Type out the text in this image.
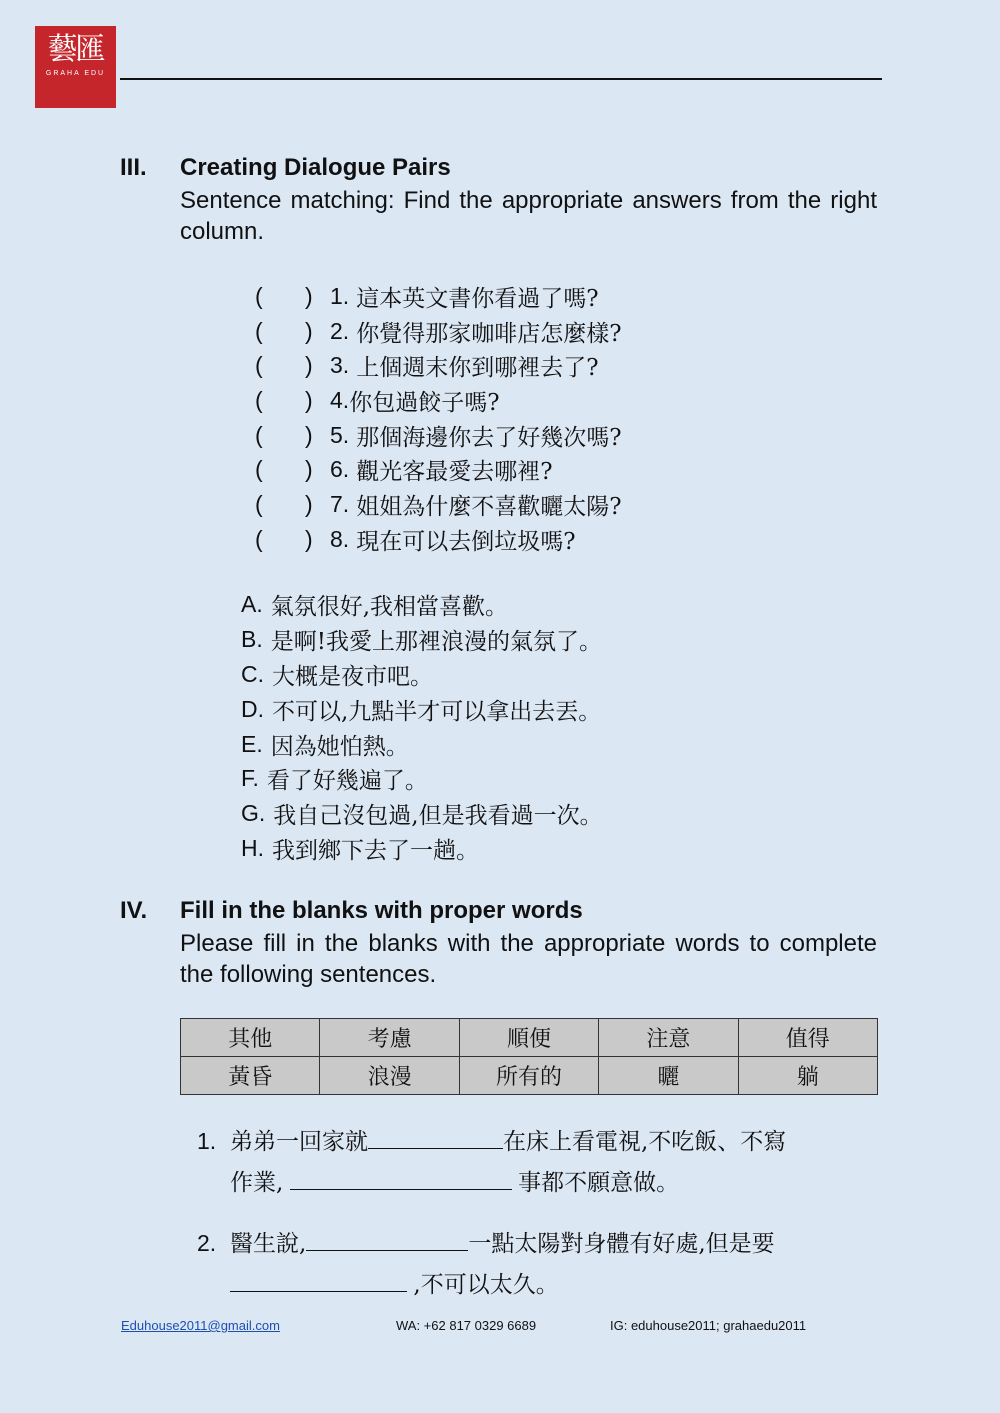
藝匯
GRAHA EDU
III. Creating Dialogue Pairs
Sentence matching: Find the appropriate answers from the right column.
(	) 1. 這本英文書你看過了嗎?
(	) 2. 你覺得那家咖啡店怎麼樣?
(	) 3. 上個週末你到哪裡去了?
(	) 4. 你包過餃子嗎?
(	) 5. 那個海邊你去了好幾次嗎?
(	) 6. 觀光客最愛去哪裡?
(	) 7. 姐姐為什麼不喜歡曬太陽?
(	) 8. 現在可以去倒垃圾嗎?
A. 氣氛很好,我相當喜歡。
B. 是啊!我愛上那裡浪漫的氣氛了。
C. 大概是夜市吧。
D. 不可以,九點半才可以拿出去丟。
E. 因為她怕熱。
F. 看了好幾遍了。
G. 我自己沒包過,但是我看過一次。
H. 我到鄉下去了一趟。
IV. Fill in the blanks with proper words
Please fill in the blanks with the appropriate words to complete the following sentences.
其他	考慮	順便	注意	值得
黃昏	浪漫	所有的	曬	躺
1. 弟弟一回家就	在床上看電視,不吃飯、不寫
作業,	事都不願意做。
2. 醫生說,	一點太陽對身體有好處,但是要
,不可以太久。
Eduhouse2011@gmail.com	WA: +62 817 0329 6689	IG: eduhouse2011; grahaedu2011
